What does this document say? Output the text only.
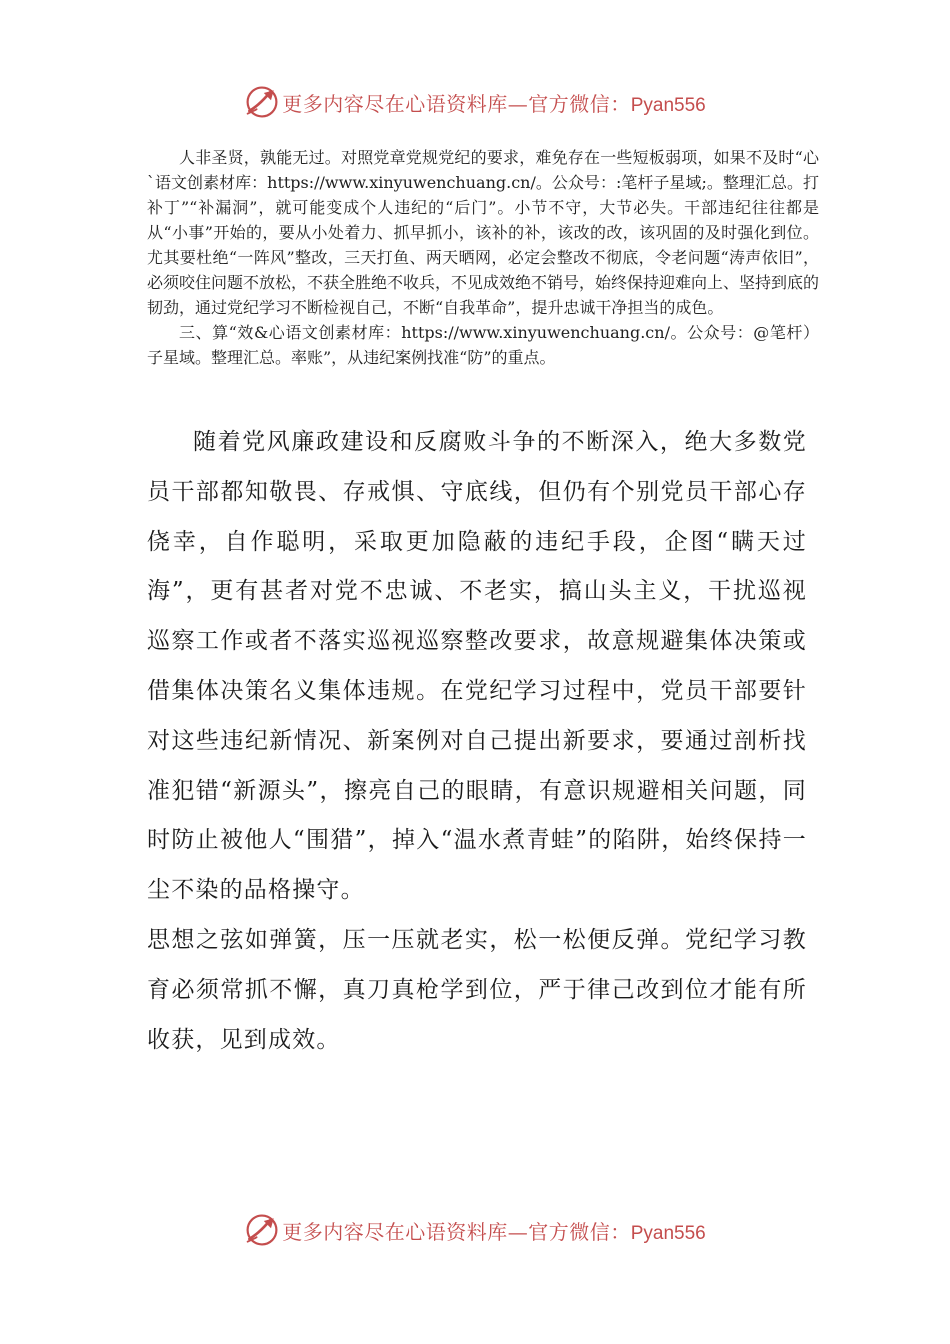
更多内容尽在心语资料库—官方微信：Pyan556

人非圣贤，孰能无过。对照党章党规党纪的要求，难免存在一些短板弱项，如果不及时“心`语文创素材库：https://www.xinyuwenchuang.cn/。公众号：:笔杆子星域;。整理汇总。打补丁”“补漏洞”，就可能变成个人违纪的“后门”。小节不守，大节必失。干部违纪往往都是从“小事”开始的，要从小处着力、抓早抓小，该补的补，该改的改，该巩固的及时强化到位。尤其要杜绝“一阵风”整改，三天打鱼、两天晒网，必定会整改不彻底，令老问题“涛声依旧”，必须咬住问题不放松，不获全胜绝不收兵，不见成效绝不销号，始终保持迎难向上、坚持到底的韧劲，通过党纪学习不断检视自己，不断“自我革命”，提升忠诚干净担当的成色。

三、算“效&心语文创素材库：https://www.xinyuwenchuang.cn/。公众号：@笔杆）子星域。整理汇总。率账”，从违纪案例找准“防”的重点。

随着党风廉政建设和反腐败斗争的不断深入，绝大多数党员干部都知敬畏、存戒惧、守底线，但仍有个别党员干部心存侥幸，自作聪明，采取更加隐蔽的违纪手段，企图“瞒天过海”，更有甚者对党不忠诚、不老实，搞山头主义，干扰巡视巡察工作或者不落实巡视巡察整改要求，故意规避集体决策或借集体决策名义集体违规。在党纪学习过程中，党员干部要针对这些违纪新情况、新案例对自己提出新要求，要通过剖析找准犯错“新源头”，擦亮自己的眼睛，有意识规避相关问题，同时防止被他人“围猎”，掉入“温水煮青蛙”的陷阱，始终保持一尘不染的品格操守。

思想之弦如弹簧，压一压就老实，松一松便反弹。党纪学习教育必须常抓不懈，真刀真枪学到位，严于律己改到位才能有所收获，见到成效。

更多内容尽在心语资料库—官方微信：Pyan556
